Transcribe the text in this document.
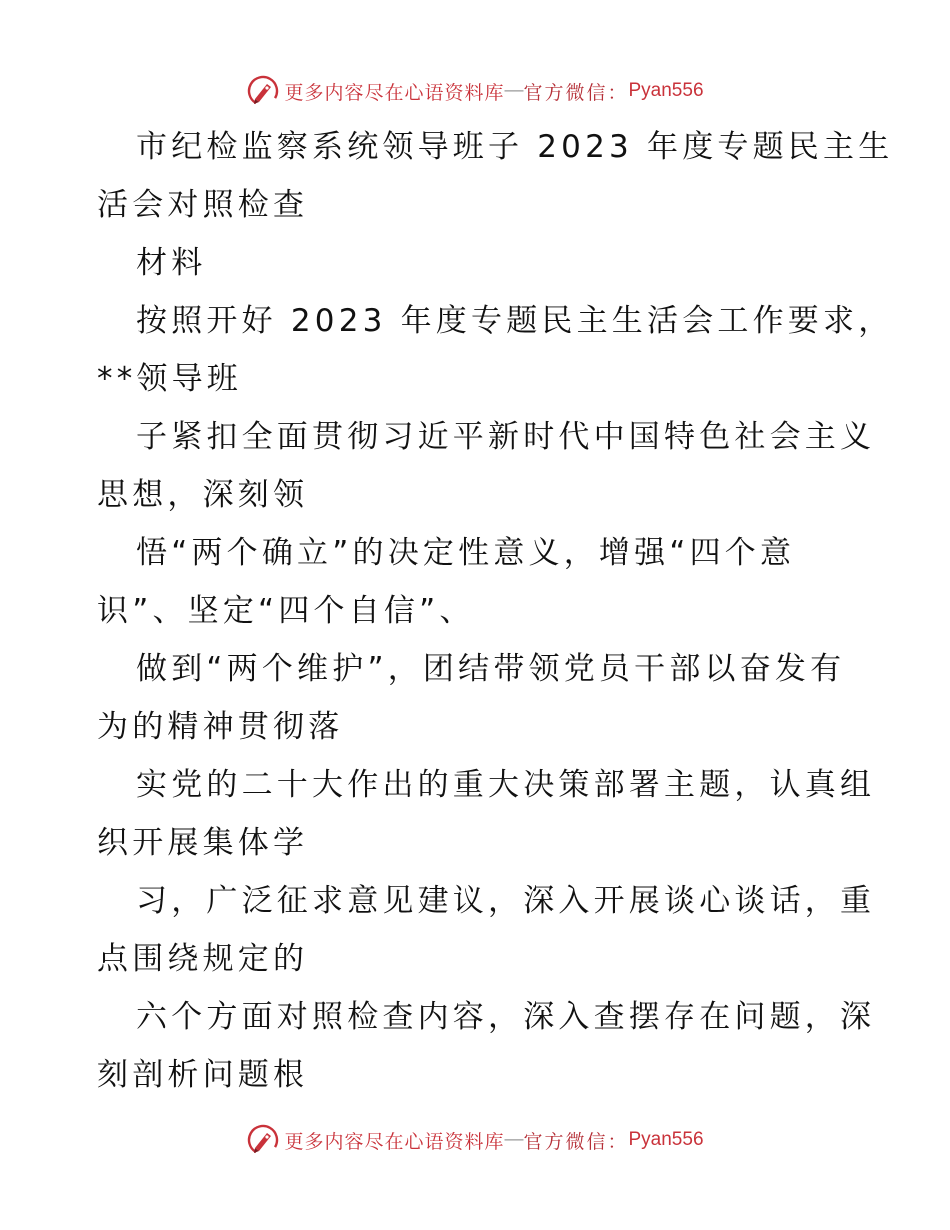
更多内容尽在心语资料库 — 官方微信： Pyan556
市纪检监察系统领导班子 2023 年度专题民主生
活会对照检查
材料
按照开好 2023 年度专题民主生活会工作要求，
**领导班
子紧扣全面贯彻习近平新时代中国特色社会主义
思想，深刻领
悟“两个确立”的决定性意义，增强“四个意
识”、坚定“四个自信”、
做到“两个维护”，团结带领党员干部以奋发有
为的精神贯彻落
实党的二十大作出的重大决策部署主题，认真组
织开展集体学
习，广泛征求意见建议，深入开展谈心谈话，重
点围绕规定的
六个方面对照检查内容，深入查摆存在问题，深
刻剖析问题根
更多内容尽在心语资料库 — 官方微信： Pyan556
